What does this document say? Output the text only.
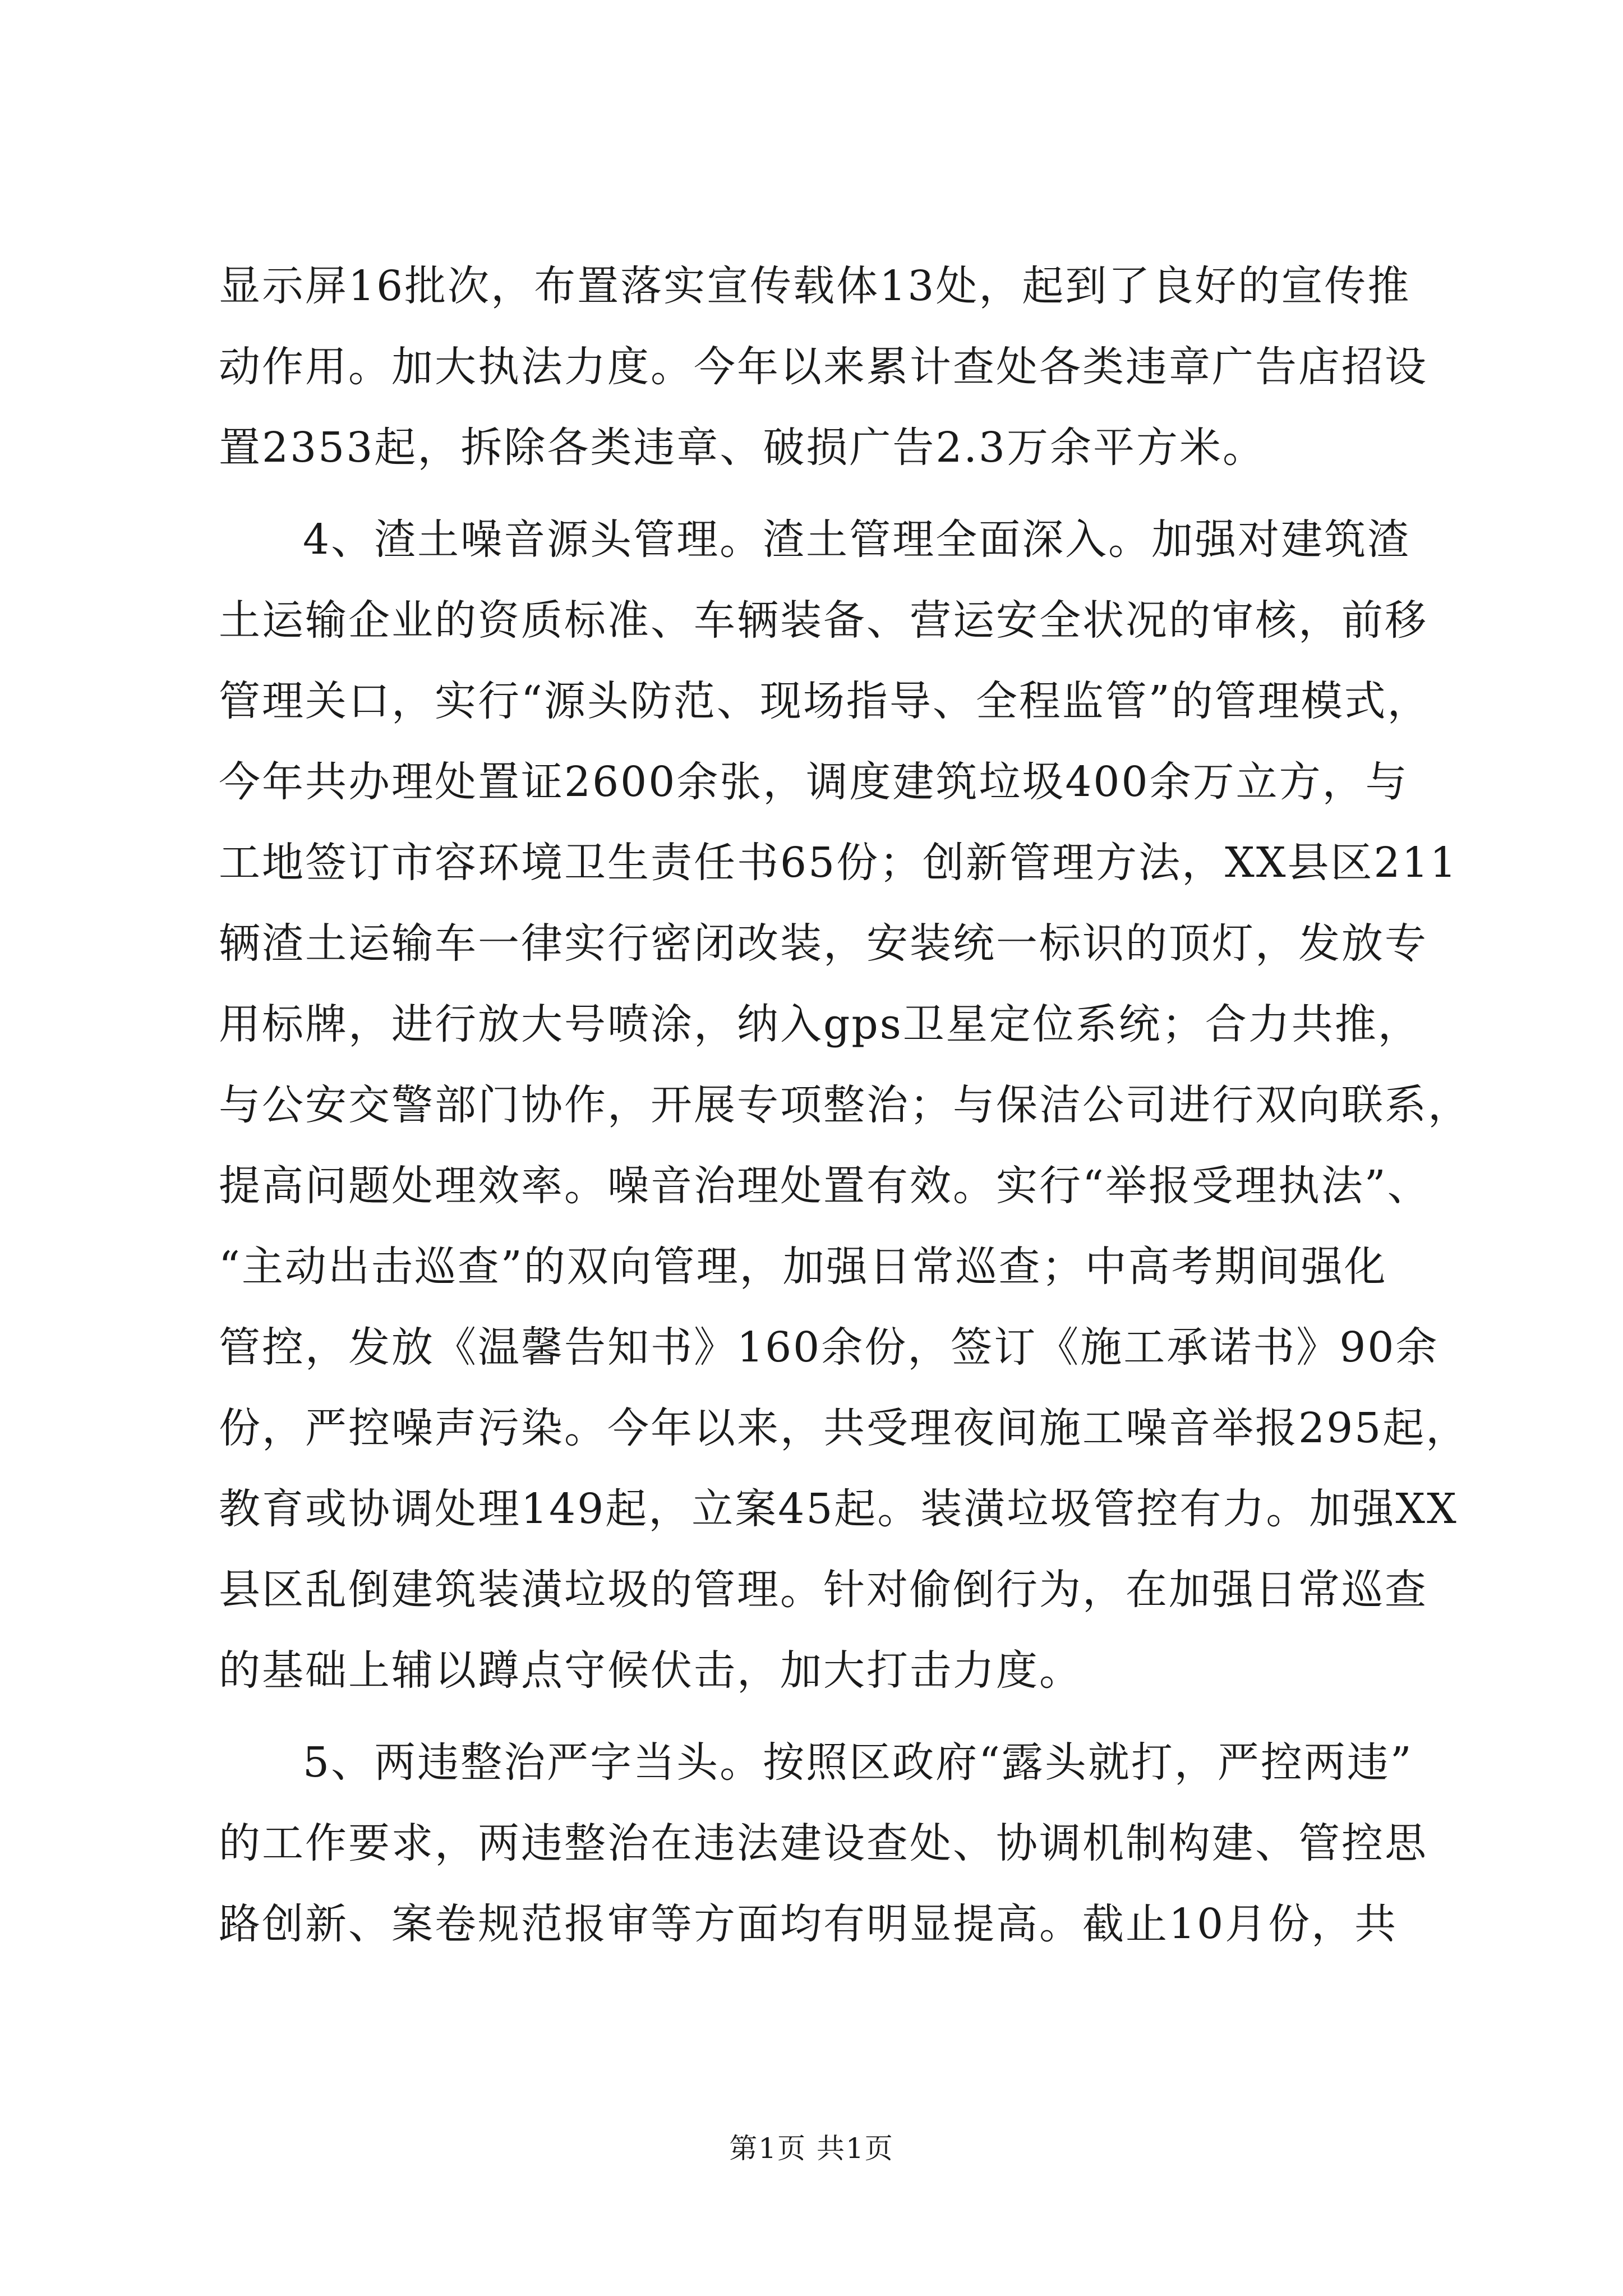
显示屏16批次，布置落实宣传载体13处，起到了良好的宣传推
动作用。加大执法力度。今年以来累计查处各类违章广告店招设
置2353起，拆除各类违章、破损广告2.3万余平方米。
4、渣土噪音源头管理。渣土管理全面深入。加强对建筑渣
土运输企业的资质标准、车辆装备、营运安全状况的审核，前移
管理关口，实行“源头防范、现场指导、全程监管”的管理模式，
今年共办理处置证2600余张，调度建筑垃圾400余万立方，与
工地签订市容环境卫生责任书65份；创新管理方法，XX县区211
辆渣土运输车一律实行密闭改装，安装统一标识的顶灯，发放专
用标牌，进行放大号喷涂，纳入gps卫星定位系统；合力共推，
与公安交警部门协作，开展专项整治；与保洁公司进行双向联系，
提高问题处理效率。噪音治理处置有效。实行“举报受理执法”、
“主动出击巡查”的双向管理，加强日常巡查；中高考期间强化
管控，发放《温馨告知书》160余份，签订《施工承诺书》90余
份，严控噪声污染。今年以来，共受理夜间施工噪音举报295起，
教育或协调处理149起，立案45起。装潢垃圾管控有力。加强XX
县区乱倒建筑装潢垃圾的管理。针对偷倒行为，在加强日常巡查
的基础上辅以蹲点守候伏击，加大打击力度。
5、两违整治严字当头。按照区政府“露头就打，严控两违”
的工作要求，两违整治在违法建设查处、协调机制构建、管控思
路创新、案卷规范报审等方面均有明显提高。截止10月份，共
第1页 共1页
